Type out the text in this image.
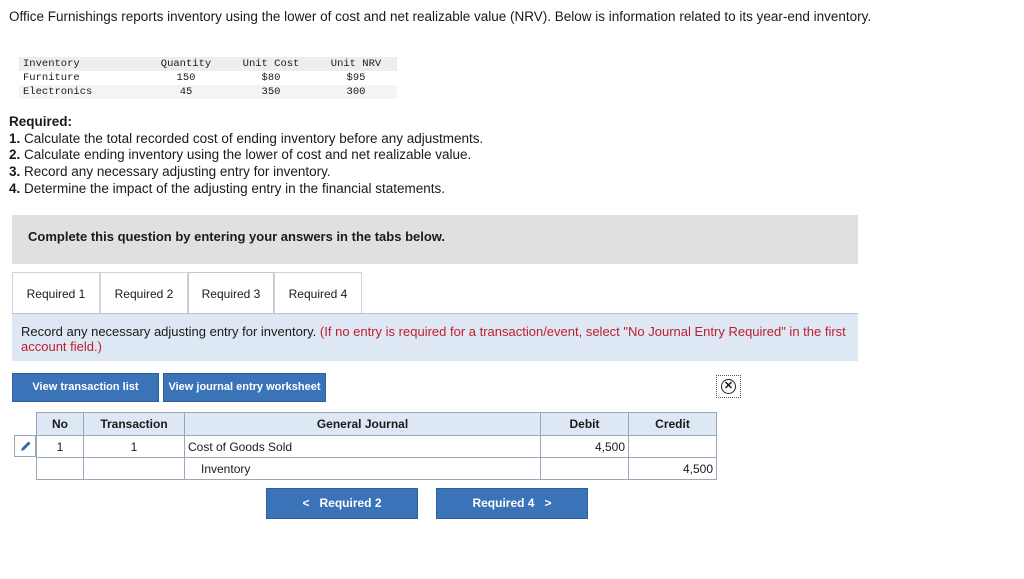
Office Furnishings reports inventory using the lower of cost and net realizable value (NRV). Below is information related to its year-end inventory.
Inventory	Quantity	Unit Cost	Unit NRV
Furniture	150	$80	$95
Electronics	45	350	300
Required:
1. Calculate the total recorded cost of ending inventory before any adjustments.
2. Calculate ending inventory using the lower of cost and net realizable value.
3. Record any necessary adjusting entry for inventory.
4. Determine the impact of the adjusting entry in the financial statements.
Complete this question by entering your answers in the tabs below.
Required 1	Required 2	Required 3	Required 4
Record any necessary adjusting entry for inventory. (If no entry is required for a transaction/event, select "No Journal Entry Required" in the first account field.)
View transaction list	View journal entry worksheet	✕
No	Transaction	General Journal	Debit	Credit
1	1	Cost of Goods Sold	4,500	
		Inventory		4,500
< Required 2	Required 4 >
